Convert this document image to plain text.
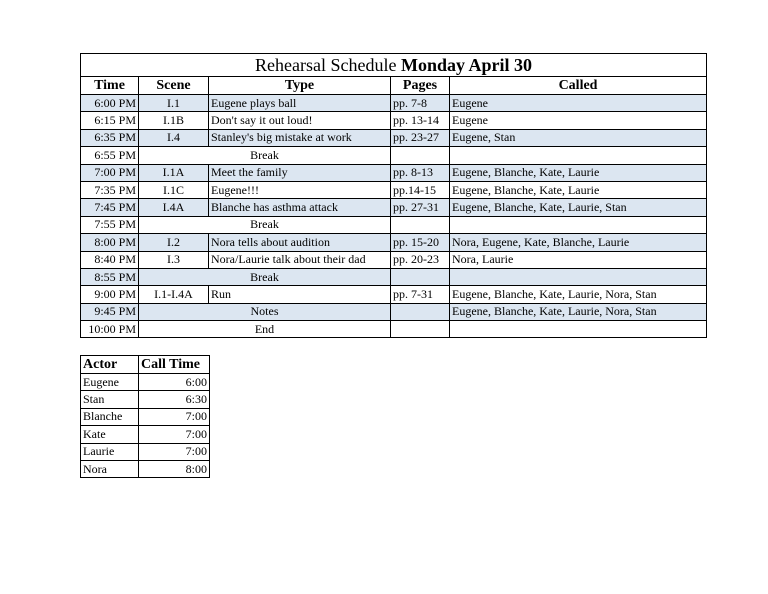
Rehearsal Schedule Monday April 30				
Time	Scene	Type	Pages	Called
6:00 PM	I.1	Eugene plays ball	pp. 7-8	Eugene
6:15 PM	I.1B	Don't say it out loud!	pp. 13-14	Eugene
6:35 PM	I.4	Stanley's big mistake at work	pp. 23-27	Eugene, Stan
6:55 PM	Break			
7:00 PM	I.1A	Meet the family	pp. 8-13	Eugene, Blanche, Kate, Laurie
7:35 PM	I.1C	Eugene!!!	pp.14-15	Eugene, Blanche, Kate, Laurie
7:45 PM	I.4A	Blanche has asthma attack	pp. 27-31	Eugene, Blanche, Kate, Laurie, Stan
7:55 PM	Break			
8:00 PM	I.2	Nora tells about audition	pp. 15-20	Nora, Eugene, Kate, Blanche, Laurie
8:40 PM	I.3	Nora/Laurie talk about their dad	pp. 20-23	Nora, Laurie
8:55 PM	Break			
9:00 PM	I.1-I.4A	Run	pp. 7-31	Eugene, Blanche, Kate, Laurie, Nora, Stan
9:45 PM	Notes			Eugene, Blanche, Kate, Laurie, Nora, Stan
10:00 PM	End			
Actor	Call Time
Eugene	6:00
Stan	6:30
Blanche	7:00
Kate	7:00
Laurie	7:00
Nora	8:00
